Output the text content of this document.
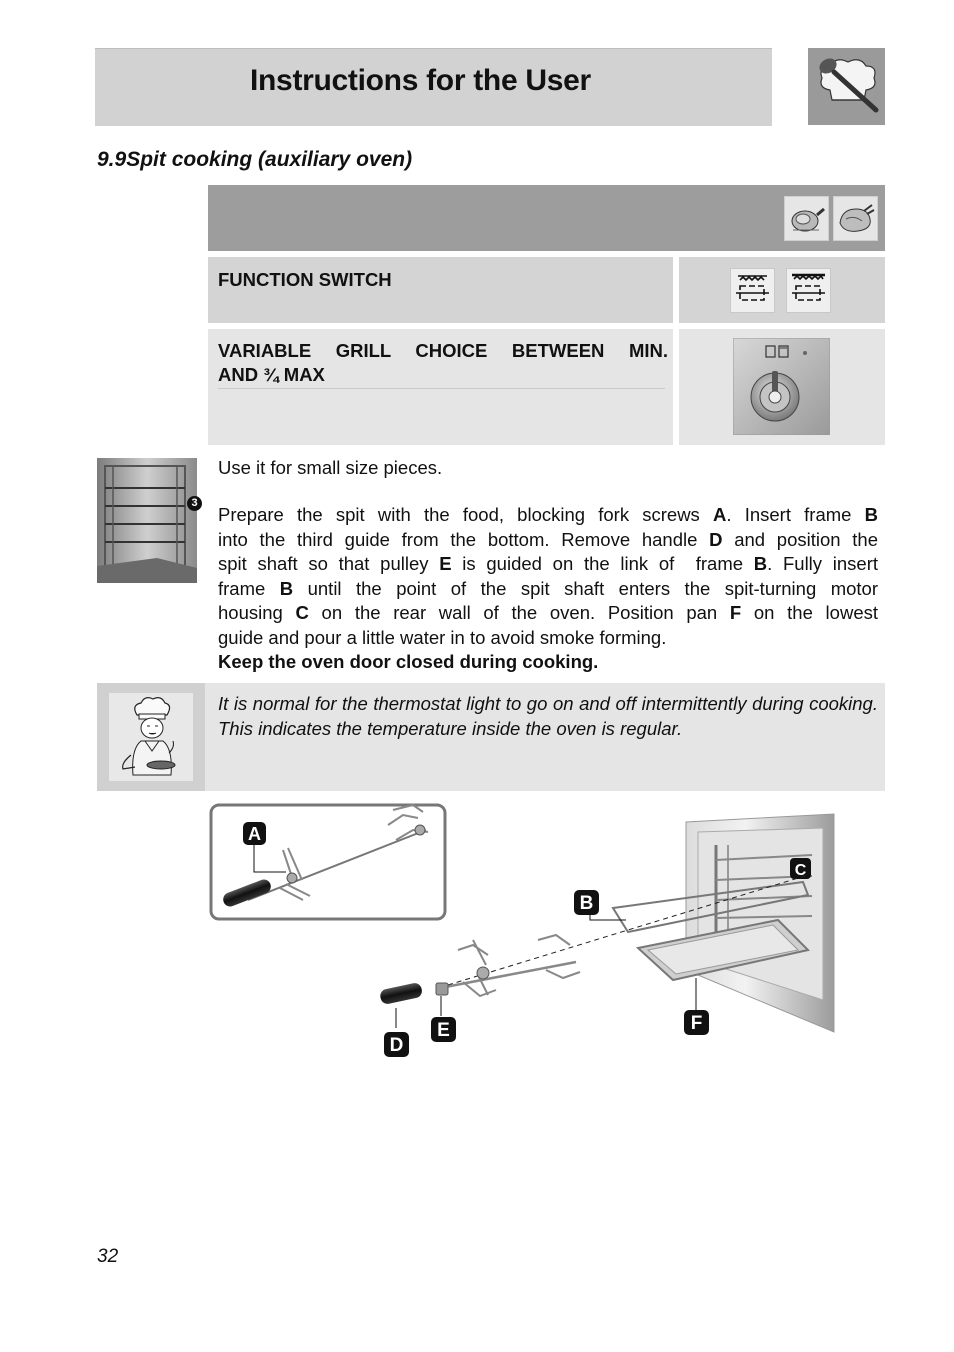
Instructions for the User
9.9Spit cooking (auxiliary oven)
FUNCTION SWITCH
VARIABLE GRILL CHOICE BETWEEN MIN.
AND ¾ MAX
3
Use it for small size pieces.
Prepare the spit with the food, blocking fork screws A. Insert frame B
into the third guide from the bottom. Remove handle D and position the
spit shaft so that pulley E is guided on the link of  frame B. Fully insert
frame B until the point of the spit shaft enters the spit-turning motor
housing C on the rear wall of the oven. Position pan F on the lowest
guide and pour a little water in to avoid smoke forming.
Keep the oven door closed during cooking.
It is normal for the thermostat light to go on and off intermittently during cooking. This indicates the temperature inside the oven is regular.
A
C
B
F
D
E
32
